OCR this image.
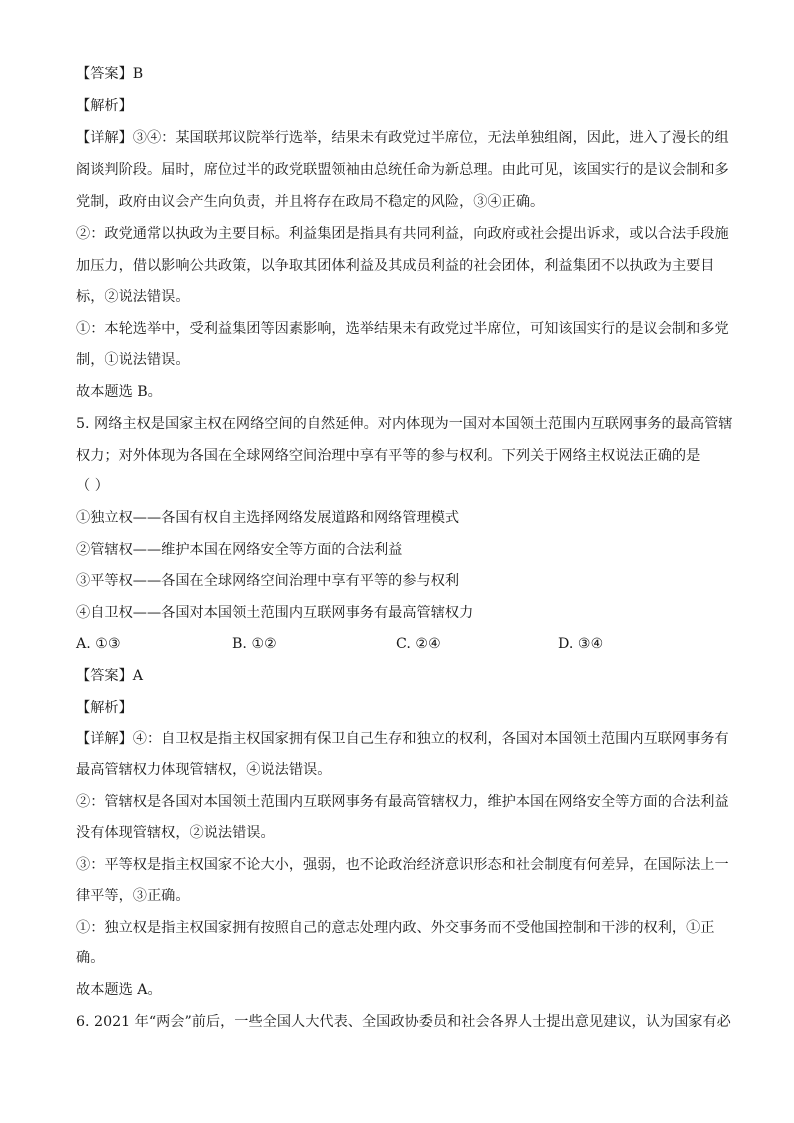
【答案】B
【解析】
【详解】③④：某国联邦议院举行选举，结果未有政党过半席位，无法单独组阁，因此，进入了漫长的组
阁谈判阶段。届时，席位过半的政党联盟领袖由总统任命为新总理。由此可见，该国实行的是议会制和多
党制，政府由议会产生向负责，并且将存在政局不稳定的风险，③④正确。
②：政党通常以执政为主要目标。利益集团是指具有共同利益，向政府或社会提出诉求，或以合法手段施
加压力，借以影响公共政策，以争取其团体利益及其成员利益的社会团体，利益集团不以执政为主要目
标，②说法错误。
①：本轮选举中，受利益集团等因素影响，选举结果未有政党过半席位，可知该国实行的是议会制和多党
制，①说法错误。
故本题选 B。
5. 网络主权是国家主权在网络空间的自然延伸。对内体现为一国对本国领土范围内互联网事务的最高管辖
权力；对外体现为各国在全球网络空间治理中享有平等的参与权利。下列关于网络主权说法正确的是
（ ）
①独立权——各国有权自主选择网络发展道路和网络管理模式
②管辖权——维护本国在网络安全等方面的合法利益
③平等权——各国在全球网络空间治理中享有平等的参与权利
④自卫权——各国对本国领土范围内互联网事务有最高管辖权力
A. ①③	B. ①②	C. ②④	D. ③④
【答案】A
【解析】
【详解】④：自卫权是指主权国家拥有保卫自己生存和独立的权利，各国对本国领土范围内互联网事务有
最高管辖权力体现管辖权，④说法错误。
②：管辖权是各国对本国领土范围内互联网事务有最高管辖权力，维护本国在网络安全等方面的合法利益
没有体现管辖权，②说法错误。
③：平等权是指主权国家不论大小，强弱，也不论政治经济意识形态和社会制度有何差异，在国际法上一
律平等，③正确。
①：独立权是指主权国家拥有按照自己的意志处理内政、外交事务而不受他国控制和干涉的权利，①正
确。
故本题选 A。
6. 2021 年“两会”前后，一些全国人大代表、全国政协委员和社会各界人士提出意见建议，认为国家有必
